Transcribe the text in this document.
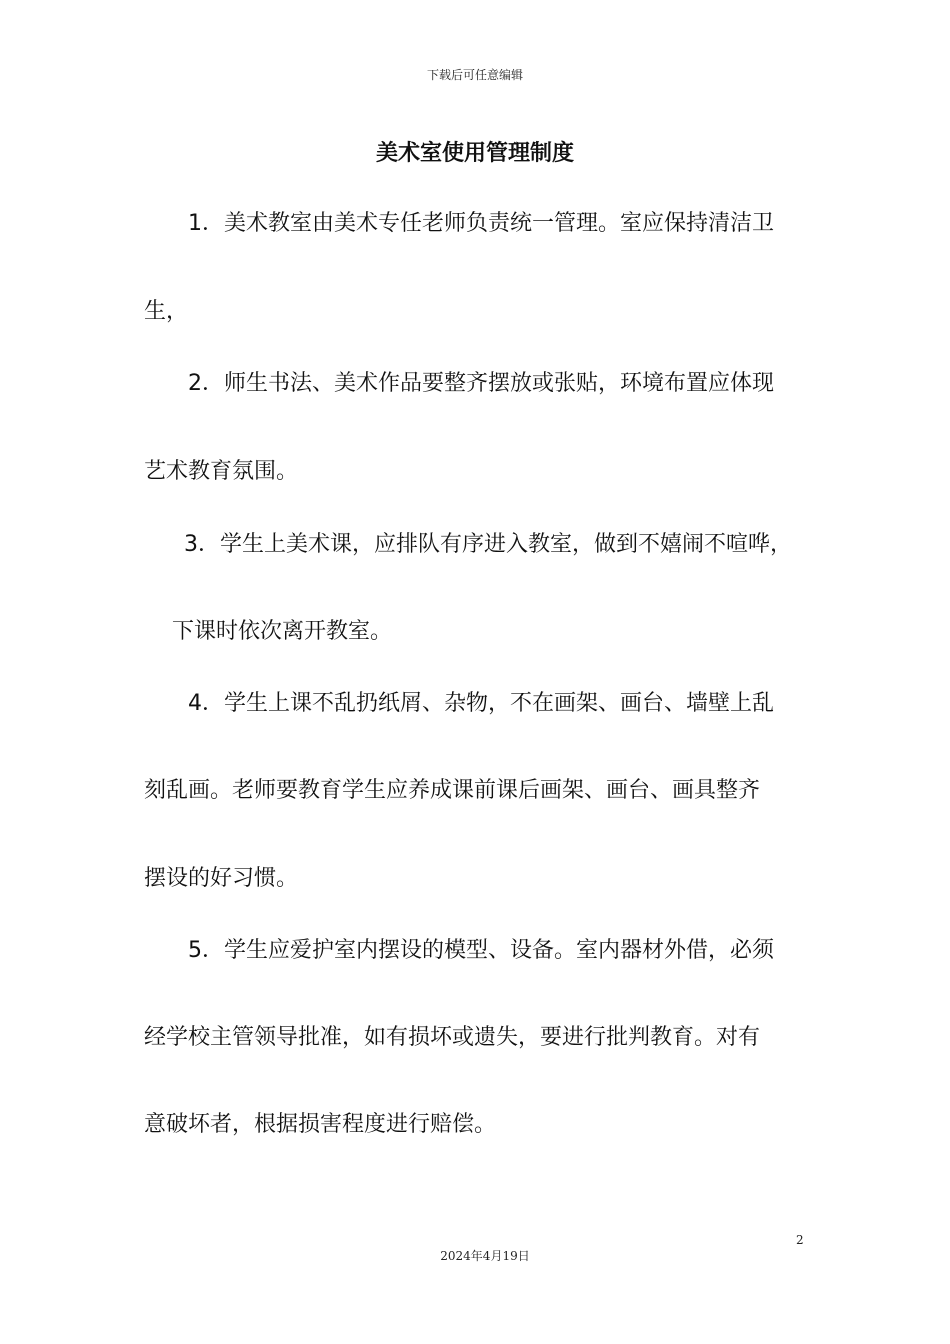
下载后可任意编辑
美术室使用管理制度
1．美术教室由美术专任老师负责统一管理。室应保持清洁卫
生，
2．师生书法、美术作品要整齐摆放或张贴，环境布置应体现
艺术教育氛围。
3．学生上美术课，应排队有序进入教室，做到不嬉闹不喧哗，
下课时依次离开教室。
4．学生上课不乱扔纸屑、杂物，不在画架、画台、墙壁上乱
刻乱画。老师要教育学生应养成课前课后画架、画台、画具整齐
摆设的好习惯。
5．学生应爱护室内摆设的模型、设备。室内器材外借，必须
经学校主管领导批准，如有损坏或遗失，要进行批判教育。对有
意破坏者，根据损害程度进行赔偿。
2
2024年4月19日
